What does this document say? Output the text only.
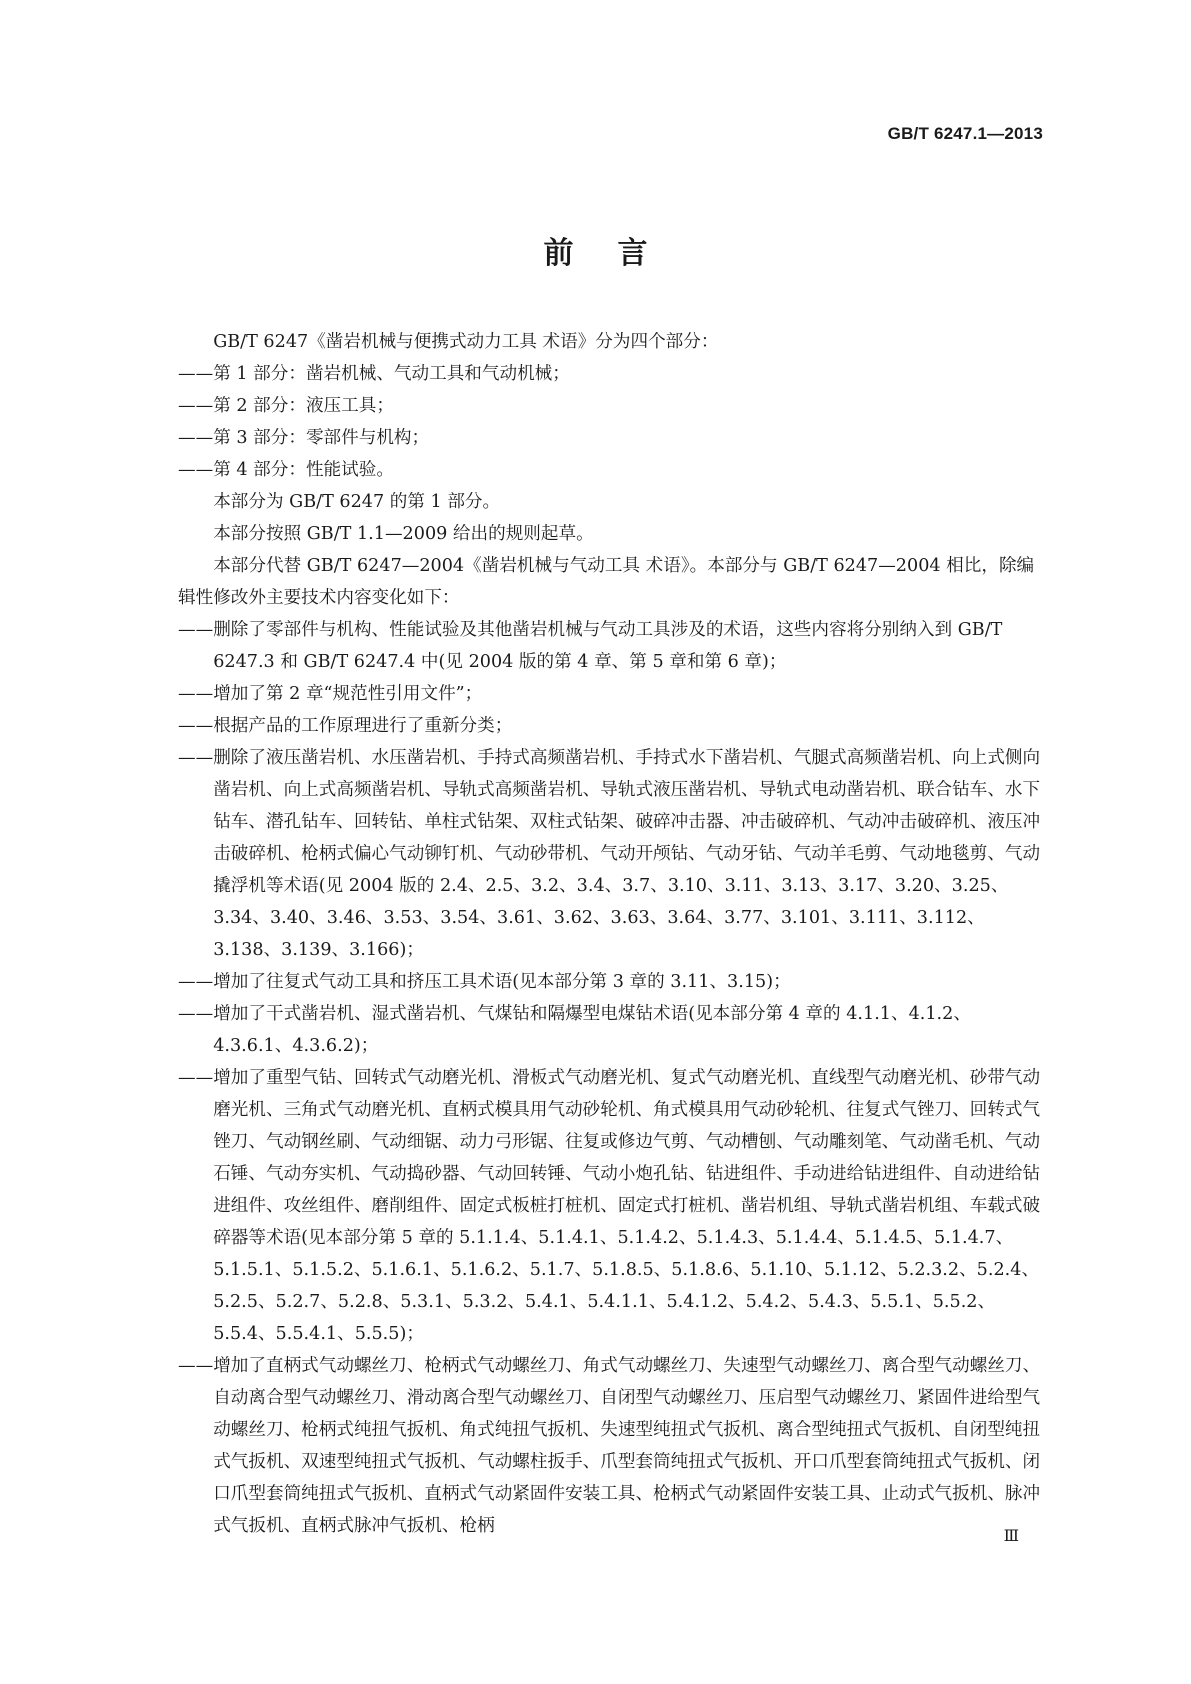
GB/T 6247.1—2013
前言

GB/T 6247《凿岩机械与便携式动力工具 术语》分为四个部分：

——第 1 部分：凿岩机械、气动工具和气动机械；

——第 2 部分：液压工具；

——第 3 部分：零部件与机构；

——第 4 部分：性能试验。

本部分为 GB/T 6247 的第 1 部分。

本部分按照 GB/T 1.1—2009 给出的规则起草。

本部分代替 GB/T 6247—2004《凿岩机械与气动工具 术语》。本部分与 GB/T 6247—2004 相比，除编辑性修改外主要技术内容变化如下：

——删除了零部件与机构、性能试验及其他凿岩机械与气动工具涉及的术语，这些内容将分别纳入到 GB/T 6247.3 和 GB/T 6247.4 中(见 2004 版的第 4 章、第 5 章和第 6 章)；

——增加了第 2 章“规范性引用文件”；

——根据产品的工作原理进行了重新分类；

——删除了液压凿岩机、水压凿岩机、手持式高频凿岩机、手持式水下凿岩机、气腿式高频凿岩机、向上式侧向凿岩机、向上式高频凿岩机、导轨式高频凿岩机、导轨式液压凿岩机、导轨式电动凿岩机、联合钻车、水下钻车、潜孔钻车、回转钻、单柱式钻架、双柱式钻架、破碎冲击器、冲击破碎机、气动冲击破碎机、液压冲击破碎机、枪柄式偏心气动铆钉机、气动砂带机、气动开颅钻、气动牙钻、气动羊毛剪、气动地毯剪、气动撬浮机等术语(见 2004 版的 2.4、2.5、3.2、3.4、3.7、3.10、3.11、3.13、3.17、3.20、3.25、3.34、3.40、3.46、3.53、3.54、3.61、3.62、3.63、3.64、3.77、3.101、3.111、3.112、3.138、3.139、3.166)；

——增加了往复式气动工具和挤压工具术语(见本部分第 3 章的 3.11、3.15)；

——增加了干式凿岩机、湿式凿岩机、气煤钻和隔爆型电煤钻术语(见本部分第 4 章的 4.1.1、4.1.2、4.3.6.1、4.3.6.2)；

——增加了重型气钻、回转式气动磨光机、滑板式气动磨光机、复式气动磨光机、直线型气动磨光机、砂带气动磨光机、三角式气动磨光机、直柄式模具用气动砂轮机、角式模具用气动砂轮机、往复式气锉刀、回转式气锉刀、气动钢丝刷、气动细锯、动力弓形锯、往复或修边气剪、气动槽刨、气动雕刻笔、气动凿毛机、气动石锤、气动夯实机、气动捣砂器、气动回转锤、气动小炮孔钻、钻进组件、手动进给钻进组件、自动进给钻进组件、攻丝组件、磨削组件、固定式板桩打桩机、固定式打桩机、凿岩机组、导轨式凿岩机组、车载式破碎器等术语(见本部分第 5 章的 5.1.1.4、5.1.4.1、5.1.4.2、5.1.4.3、5.1.4.4、5.1.4.5、5.1.4.7、5.1.5.1、5.1.5.2、5.1.6.1、5.1.6.2、5.1.7、5.1.8.5、5.1.8.6、5.1.10、5.1.12、5.2.3.2、5.2.4、5.2.5、5.2.7、5.2.8、5.3.1、5.3.2、5.4.1、5.4.1.1、5.4.1.2、5.4.2、5.4.3、5.5.1、5.5.2、5.5.4、5.5.4.1、5.5.5)；

——增加了直柄式气动螺丝刀、枪柄式气动螺丝刀、角式气动螺丝刀、失速型气动螺丝刀、离合型气动螺丝刀、自动离合型气动螺丝刀、滑动离合型气动螺丝刀、自闭型气动螺丝刀、压启型气动螺丝刀、紧固件进给型气动螺丝刀、枪柄式纯扭气扳机、角式纯扭气扳机、失速型纯扭式气扳机、离合型纯扭式气扳机、自闭型纯扭式气扳机、双速型纯扭式气扳机、气动螺柱扳手、爪型套筒纯扭式气扳机、开口爪型套筒纯扭式气扳机、闭口爪型套筒纯扭式气扳机、直柄式气动紧固件安装工具、枪柄式气动紧固件安装工具、止动式气扳机、脉冲式气扳机、直柄式脉冲气扳机、枪柄	Ⅲ
